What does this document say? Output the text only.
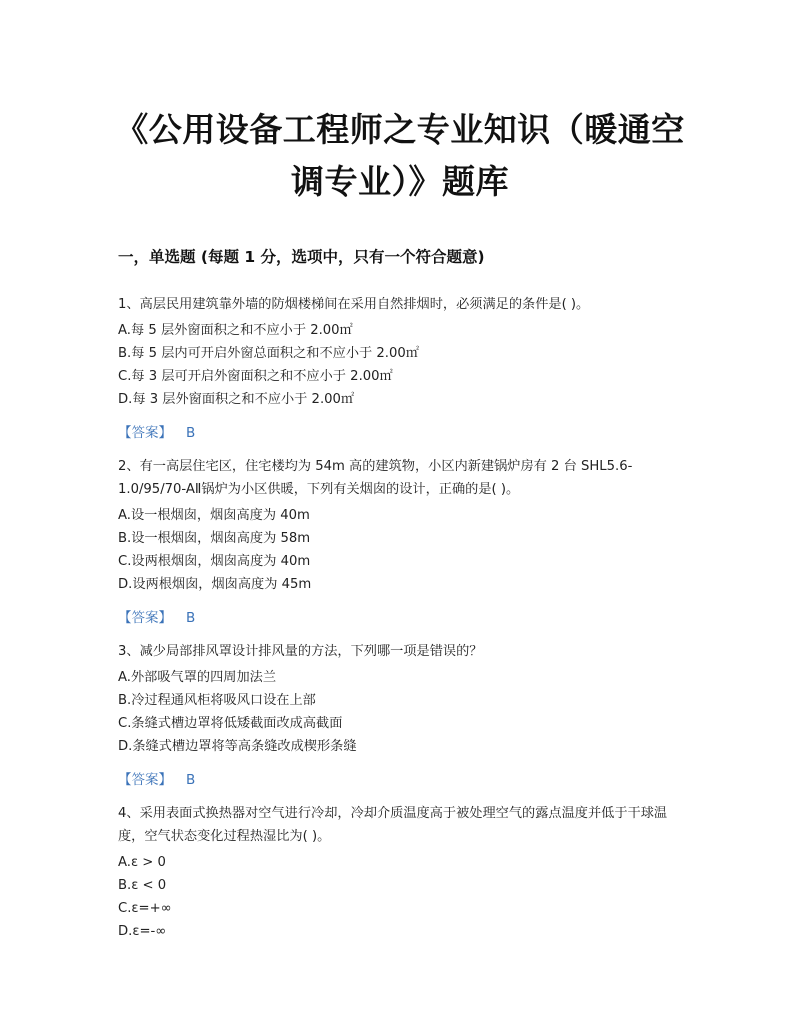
《公用设备工程师之专业知识（暖通空调专业）》题库
一，单选题 (每题 1 分，选项中，只有一个符合题意)
1、高层民用建筑靠外墙的防烟楼梯间在采用自然排烟时，必须满足的条件是( )。
A.每 5 层外窗面积之和不应小于 2.00㎡
B.每 5 层内可开启外窗总面积之和不应小于 2.00㎡
C.每 3 层可开启外窗面积之和不应小于 2.00㎡
D.每 3 层外窗面积之和不应小于 2.00㎡
【答案】 B
2、有一高层住宅区，住宅楼均为 54m 高的建筑物，小区内新建锅炉房有 2 台 SHL5.6-1.0/95/70-AⅡ锅炉为小区供暖，下列有关烟囱的设计，正确的是( )。
A.设一根烟囱，烟囱高度为 40m
B.设一根烟囱，烟囱高度为 58m
C.设两根烟囱，烟囱高度为 40m
D.设两根烟囱，烟囱高度为 45m
【答案】 B
3、减少局部排风罩设计排风量的方法，下列哪一项是错误的？
A.外部吸气罩的四周加法兰
B.冷过程通风柜将吸风口设在上部
C.条缝式槽边罩将低矮截面改成高截面
D.条缝式槽边罩将等高条缝改成楔形条缝
【答案】 B
4、采用表面式换热器对空气进行冷却，冷却介质温度高于被处理空气的露点温度并低于干球温度，空气状态变化过程热湿比为( )。
A.ε > 0
B.ε < 0
C.ε=+∞
D.ε=-∞
